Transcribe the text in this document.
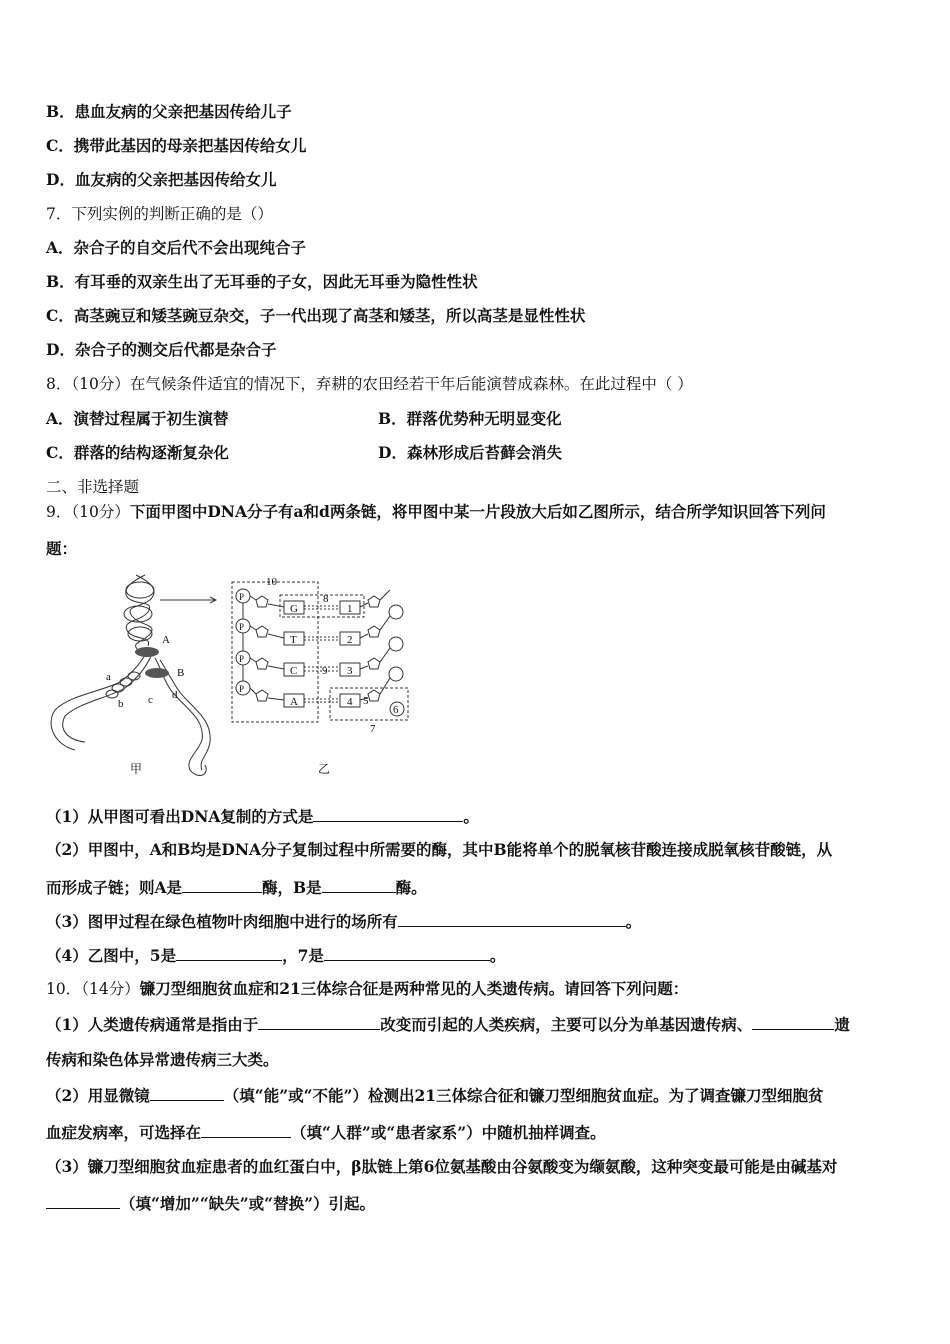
B．患血友病的父亲把基因传给儿子
C．携带此基因的母亲把基因传给女儿
D．血友病的父亲把基因传给女儿
7．下列实例的判断正确的是（）
A．杂合子的自交后代不会出现纯合子
B．有耳垂的双亲生出了无耳垂的子女，因此无耳垂为隐性性状
C．高茎豌豆和矮茎豌豆杂交，子一代出现了高茎和矮茎，所以高茎是显性性状
D．杂合子的测交后代都是杂合子
8．（10分）在气候条件适宜的情况下，弃耕的农田经若干年后能演替成森林。在此过程中（ ）
A．演替过程属于初生演替	B．群落优势种无明显变化
C．群落的结构逐渐复杂化	D．森林形成后苔藓会消失
二、非选择题
9．（10分）下面甲图中DNA分子有a和d两条链，将甲图中某一片段放大后如乙图所示，结合所学知识回答下列问
题：
A
B
a
b c d
10
8
9
7
5
6
P
P
P
P
G
T
C
A
1
2
3
4
甲	乙
（1）从甲图可看出DNA复制的方式是	。
（2）甲图中，A和B均是DNA分子复制过程中所需要的酶，其中B能将单个的脱氧核苷酸连接成脱氧核苷酸链，从
而形成子链；则A是	酶，B是	酶。
（3）图甲过程在绿色植物叶肉细胞中进行的场所有	。
（4）乙图中，5是	，7是	。
10．（14分）镰刀型细胞贫血症和21三体综合征是两种常见的人类遗传病。请回答下列问题：
（1）人类遗传病通常是指由于	改变而引起的人类疾病，主要可以分为单基因遗传病、	遗
传病和染色体异常遗传病三大类。
（2）用显微镜	（填“能”或“不能”）检测出21三体综合征和镰刀型细胞贫血症。为了调查镰刀型细胞贫
血症发病率，可选择在	（填“人群”或“患者家系”）中随机抽样调查。
（3）镰刀型细胞贫血症患者的血红蛋白中，β肽链上第6位氨基酸由谷氨酸变为缬氨酸，这种突变最可能是由碱基对
（填“增加”“缺失”或“替换”）引起。
